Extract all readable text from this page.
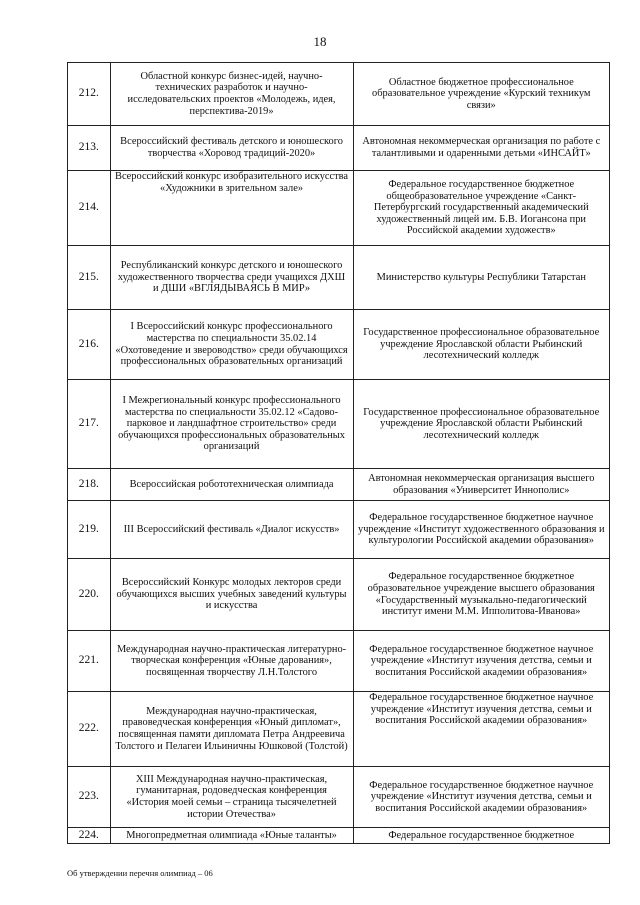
18
212.	Областной конкурс бизнес-идей, научно-технических разработок и научно-исследовательских проектов «Молодежь, идея, перспектива-2019»	Областное бюджетное профессиональное образовательное учреждение «Курский техникум связи»
213.	Всероссийский фестиваль детского и юношеского творчества «Хоровод традиций-2020»	Автономная некоммерческая организация по работе с талантливыми и одаренными детьми «ИНСАЙТ»
214.	Всероссийский конкурс изобразительного искусства «Художники в зрительном зале»	Федеральное государственное бюджетное общеобразовательное учреждение «Санкт-Петербургский государственный академический художественный лицей им. Б.В. Иогансона при Российской академии художеств»
215.	Республиканский конкурс детского и юношеского художественного творчества среди учащихся ДХШ и ДШИ «ВГЛЯДЫВАЯСЬ В МИР»	Министерство культуры Республики Татарстан
216.	I Всероссийский конкурс профессионального мастерства по специальности 35.02.14 «Охотоведение и звероводство» среди обучающихся профессиональных образовательных организаций	Государственное профессиональное образовательное учреждение Ярославской области Рыбинский лесотехнический колледж
217.	I Межрегиональный конкурс профессионального мастерства по специальности 35.02.12 «Садово-парковое и ландшафтное строительство» среди обучающихся профессиональных образовательных организаций	Государственное профессиональное образовательное учреждение Ярославской области Рыбинский лесотехнический колледж
218.	Всероссийская робототехническая олимпиада	Автономная некоммерческая организация высшего образования «Университет Иннополис»
219.	III Всероссийский фестиваль «Диалог искусств»	Федеральное государственное бюджетное научное учреждение «Институт художественного образования и культурологии Российской академии образования»
220.	Всероссийский Конкурс молодых лекторов среди обучающихся высших учебных заведений культуры и искусства	Федеральное государственное бюджетное образовательное учреждение высшего образования «Государственный музыкально-педагогический институт имени М.М. Ипполитова-Иванова»
221.	Международная научно-практическая литературно-творческая конференция «Юные дарования», посвященная творчеству Л.Н.Толстого	Федеральное государственное бюджетное научное учреждение «Институт изучения детства, семьи и воспитания Российской академии образования»
222.	Международная научно-практическая, правоведческая конференция «Юный дипломат», посвященная памяти дипломата Петра Андреевича Толстого и Пелагеи Ильиничны Юшковой (Толстой)	Федеральное государственное бюджетное научное учреждение «Институт изучения детства, семьи и воспитания Российской академии образования»
223.	XIII Международная научно-практическая, гуманитарная, родоведческая конференция «История моей семьи – страница тысячелетней истории Отечества»	Федеральное государственное бюджетное научное учреждение «Институт изучения детства, семьи и воспитания Российской академии образования»
224.	Многопредметная олимпиада «Юные таланты»	Федеральное государственное бюджетное
Об утверждении перечня олимпиад – 06
